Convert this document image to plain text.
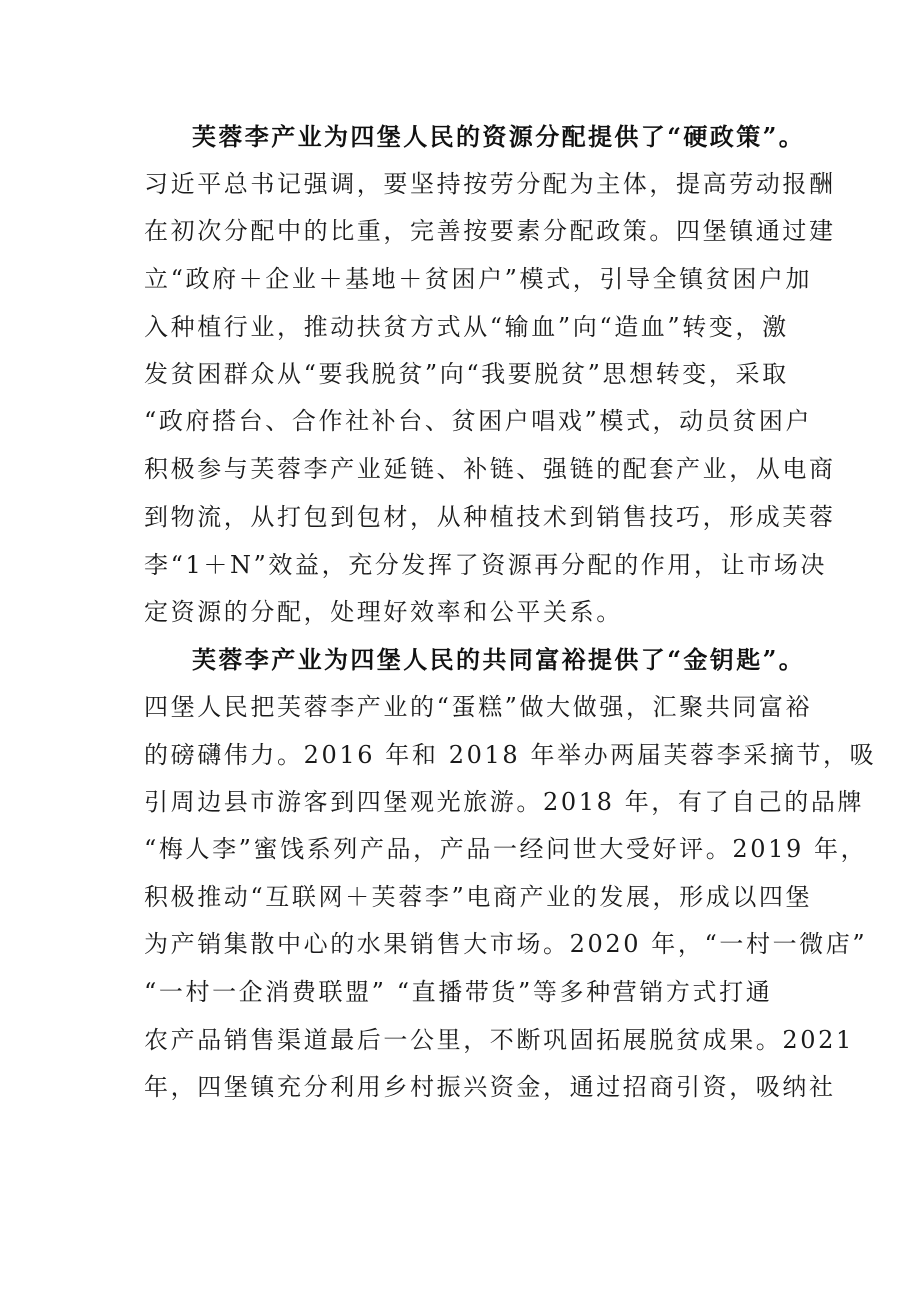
芙蓉李产业为四堡人民的资源分配提供了“硬政策”。

习近平总书记强调，要坚持按劳分配为主体，提高劳动报酬

在初次分配中的比重，完善按要素分配政策。四堡镇通过建

立“政府＋企业＋基地＋贫困户”模式，引导全镇贫困户加

入种植行业，推动扶贫方式从“输血”向“造血”转变，激

发贫困群众从“要我脱贫”向“我要脱贫”思想转变，采取

“政府搭台、合作社补台、贫困户唱戏”模式，动员贫困户

积极参与芙蓉李产业延链、补链、强链的配套产业，从电商

到物流，从打包到包材，从种植技术到销售技巧，形成芙蓉

李“1＋N”效益，充分发挥了资源再分配的作用，让市场决

定资源的分配，处理好效率和公平关系。

芙蓉李产业为四堡人民的共同富裕提供了“金钥匙”。

四堡人民把芙蓉李产业的“蛋糕”做大做强，汇聚共同富裕

的磅礴伟力。2016 年和 2018 年举办两届芙蓉李采摘节，吸

引周边县市游客到四堡观光旅游。2018 年，有了自己的品牌

“梅人李”蜜饯系列产品，产品一经问世大受好评。2019 年，

积极推动“互联网＋芙蓉李”电商产业的发展，形成以四堡

为产销集散中心的水果销售大市场。2020 年，“一村一微店”

“一村一企消费联盟” “直播带货”等多种营销方式打通

农产品销售渠道最后一公里，不断巩固拓展脱贫成果。2021

年，四堡镇充分利用乡村振兴资金，通过招商引资，吸纳社
